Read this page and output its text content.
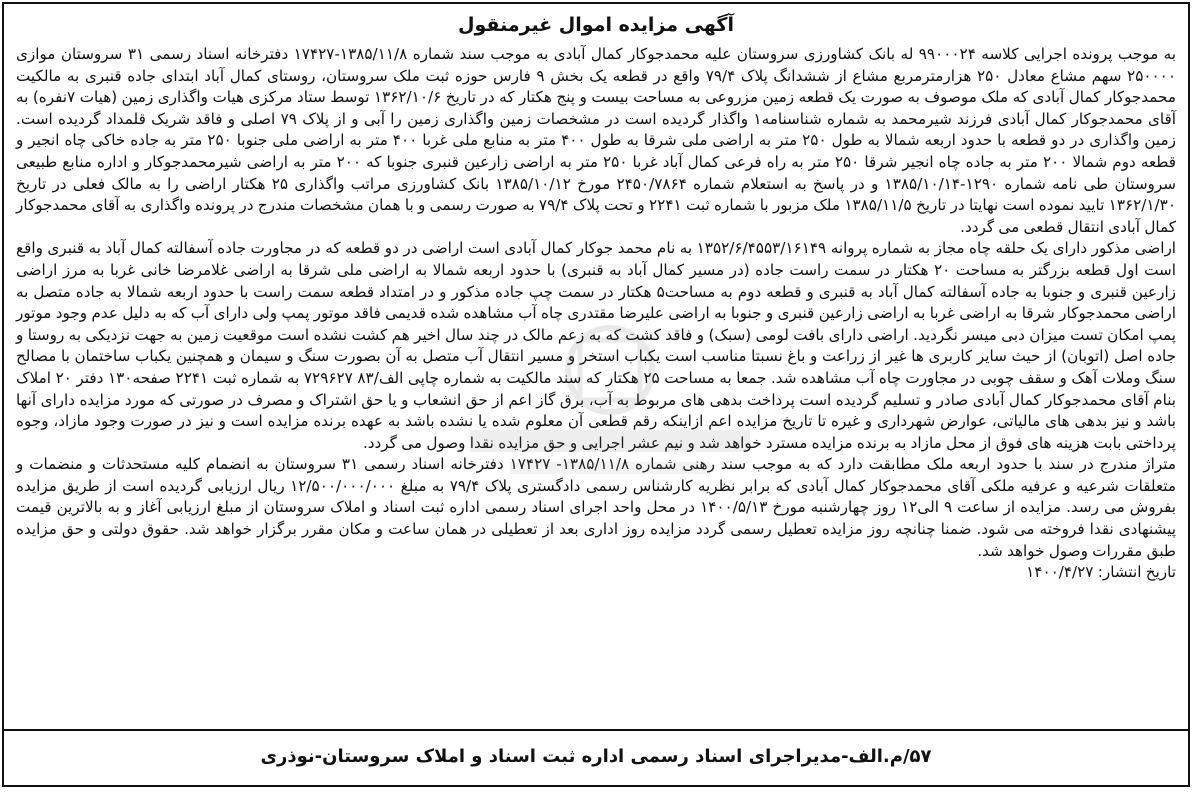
آگهی مزایده اموال غیرمنقول

به موجب پرونده اجرایی کلاسه ۹۹۰۰۰۲۴ له بانک کشاورزی سروستان علیه محمدجوکار کمال آبادی به موجب سند شماره ۱۳۸۵/۱۱/۸-۱۷۴۲۷ دفترخانه اسناد رسمی ۳۱ سروستان موازی ۲۵۰۰۰۰ سهم مشاع معادل ۲۵۰ هزارمترمربع مشاع از ششدانگ پلاک ۷۹/۴ واقع در قطعه یک بخش ۹ فارس حوزه ثبت ملک سروستان، روستای کمال آباد ابتدای جاده قنبری به مالکیت محمدجوکار کمال آبادی که ملک موصوف به صورت یک قطعه زمین مزروعی به مساحت بیست و پنج هکتار که در تاریخ ۱۳۶۲/۱۰/۶ توسط ستاد مرکزی هیات واگذاری زمین (هیات ۷نفره) به آقای محمدجوکار کمال آبادی فرزند شیرمحمد به شماره شناسنامه۱ واگذار گردیده است در مشخصات زمین واگذاری زمین را آبی و از پلاک ۷۹ اصلی و فاقد شریک قلمداد گردیده است. زمین واگذاری در دو قطعه با حدود اربعه شمالا به طول ۲۵۰ متر به اراضی ملی شرقا به طول ۴۰۰ متر به منابع ملی غربا ۴۰۰ متر به اراضی ملی جنوبا ۲۵۰ متر به جاده خاکی چاه انجیر و قطعه دوم شمالا ۲۰۰ متر به جاده چاه انجیر شرقا ۲۵۰ متر به راه فرعی کمال آباد غربا ۲۵۰ متر به اراضی زارعین قنبری جنوبا که ۲۰۰ متر به اراضی شیرمحمدجوکار و اداره منابع طبیعی سروستان طی نامه شماره ۱۲۹۰-۱۳۸۵/۱۰/۱۴ و در پاسخ به استعلام شماره ۲۴۵۰/۷۸۶۴ مورخ ۱۳۸۵/۱۰/۱۲ بانک کشاورزی مراتب واگذاری ۲۵ هکتار اراضی را به مالک فعلی در تاریخ ۱۳۶۲/۱/۳۰ تایید نموده است نهایتا در تاریخ ۱۳۸۵/۱۱/۵ ملک مزبور با شماره ثبت ۲۲۴۱ و تحت پلاک ۷۹/۴ به صورت رسمی و با همان مشخصات مندرج در پرونده واگذاری به آقای محمدجوکار کمال آبادی انتقال قطعی می گردد.

اراضی مذکور دارای یک حلقه چاه مجاز به شماره پروانه ۱۳۵۲/۶/۴۵۵۳/۱۶۱۴۹ به نام محمد جوکار کمال آبادی است اراضی در دو قطعه که در مجاورت جاده آسفالته کمال آباد به قنبری واقع است اول قطعه بزرگتر به مساحت ۲۰ هکتار در سمت راست جاده (در مسیر کمال آباد به قنبری) با حدود اربعه شمالا به اراضی ملی شرقا به اراضی غلامرضا خانی غربا به مرز اراضی زارعین قنبری و جنوبا به جاده آسفالته کمال آباد به قنبری و قطعه دوم به مساحت۵ هکتار در سمت چپ جاده مذکور و در امتداد قطعه سمت راست با حدود اربعه شمالا به جاده متصل به اراضی محمدجوکار شرقا به اراضی غربا به اراضی زارعین قنبری و جنوبا به اراضی علیرضا مقتدری چاه آب مشاهده شده قدیمی فاقد موتور پمپ ولی دارای آب که به دلیل عدم وجود موتور پمپ امکان تست میزان دبی میسر نگردید. اراضی دارای بافت لومی (سبک) و فاقد کشت که به زعم مالک در چند سال اخیر هم کشت نشده است موقعیت زمین به جهت نزدیکی به روستا و جاده اصل (اتوبان) از حیث سایر کاربری ها غیر از زراعت و باغ نسبتا مناسب است یکباب استخر و مسیر انتقال آب متصل به آن بصورت سنگ و سیمان و همچنین یکباب ساختمان با مصالح سنگ وملات آهک و سقف چوبی در مجاورت چاه آب مشاهده شد. جمعا به مساحت ۲۵ هکتار که سند مالکیت به شماره چاپی الف/۸۳ ۷۲۹۶۲۷ به شماره ثبت ۲۲۴۱ صفحه۱۳۰ دفتر ۲۰ املاک بنام آقای محمدجوکار کمال آبادی صادر و تسلیم گردیده است پرداخت بدهی های مربوط به آب، برق گاز اعم از حق انشعاب و یا حق اشتراک و مصرف در صورتی که مورد مزایده دارای آنها باشد و نیز بدهی های مالیاتی، عوارض شهرداری و غیره تا تاریخ مزایده اعم ازاینکه رقم قطعی آن معلوم شده یا نشده باشد به عهده برنده مزایده است و نیز در صورت وجود مازاد، وجوه پرداختی بابت هزینه های فوق از محل مازاد به برنده مزایده مسترد خواهد شد و نیم عشر اجرایی و حق مزایده نقدا وصول می گردد.

متراژ مندرج در سند با حدود اربعه ملک مطابقت دارد که به موجب سند رهنی شماره ۱۳۸۵/۱۱/۸- ۱۷۴۲۷ دفترخانه اسناد رسمی ۳۱ سروستان به انضمام کلیه مستحدثات و منضمات و متعلقات شرعیه و عرفیه ملکی آقای محمدجوکار کمال آبادی که برابر نظریه کارشناس رسمی دادگستری پلاک ۷۹/۴ به مبلغ ۱۲/۵۰۰/۰۰۰/۰۰۰ ریال ارزیابی گردیده است از طریق مزایده بفروش می رسد. مزایده از ساعت ۹ الی۱۲ روز چهارشنبه مورخ ۱۴۰۰/۵/۱۳ در محل واحد اجرای اسناد رسمی اداره ثبت اسناد و املاک سروستان از مبلغ ارزیابی آغاز و به بالاترین قیمت پیشنهادی نقدا فروخته می شود. ضمنا چنانچه روز مزایده تعطیل رسمی گردد مزایده روز اداری بعد از تعطیلی در همان ساعت و مکان مقرر برگزار خواهد شد. حقوق دولتی و حق مزایده طبق مقررات وصول خواهد شد.

تاریخ انتشار: ۱۴۰۰/۴/۲۷
۵۷/م.الف-مدیراجرای اسناد رسمی اداره ثبت اسناد و املاک سروستان-نوذری
